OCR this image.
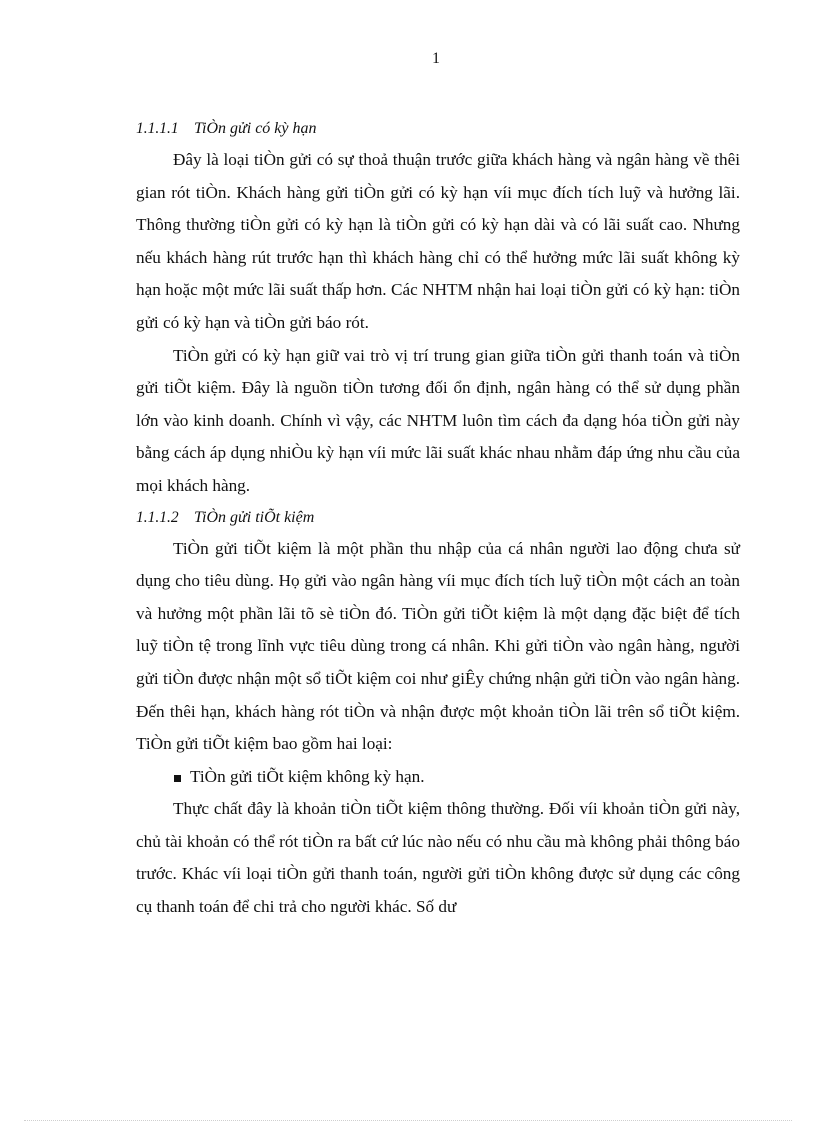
1
1.1.1.1 TiÒn gửi có kỳ hạn

Đây là loại tiÒn gửi có sự thoả thuận trước giữa khách hàng và ngân hàng về thêi gian rót tiÒn. Khách hàng gửi tiÒn gửi có kỳ hạn víi mục đích tích luỹ và hưởng lãi. Thông thường tiÒn gửi có kỳ hạn là tiÒn gửi có kỳ hạn dài và có lãi suất cao. Nhưng nếu khách hàng rút trước hạn thì khách hàng chỉ có thể hưởng mức lãi suất không kỳ hạn hoặc một mức lãi suất thấp hơn. Các NHTM nhận hai loại tiÒn gửi có kỳ hạn: tiÒn gửi có kỳ hạn và tiÒn gửi báo rót.

TiÒn gửi có kỳ hạn giữ vai trò vị trí trung gian giữa tiÒn gửi thanh toán và tiÒn gửi tiÕt kiệm. Đây là nguồn tiÒn tương đối ổn định, ngân hàng có thể sử dụng phần lớn vào kinh doanh. Chính vì vậy, các NHTM luôn tìm cách đa dạng hóa tiÒn gửi này bằng cách áp dụng nhiÒu kỳ hạn víi mức lãi suất khác nhau nhằm đáp ứng nhu cầu của mọi khách hàng.

1.1.1.2 TiÒn gửi tiÕt kiệm

TiÒn gửi tiÕt kiệm là một phần thu nhập của cá nhân người lao động chưa sử dụng cho tiêu dùng. Họ gửi vào ngân hàng víi mục đích tích luỹ tiÒn một cách an toàn và hưởng một phần lãi tõ sè tiÒn đó. TiÒn gửi tiÕt kiệm là một dạng đặc biệt để tích luỹ tiÒn tệ trong lĩnh vực tiêu dùng trong cá nhân. Khi gửi tiÒn vào ngân hàng, người gửi tiÒn được nhận một sổ tiÕt kiệm coi như giÊy chứng nhận gửi tiÒn vào ngân hàng. Đến thêi hạn, khách hàng rót tiÒn và nhận được một khoản tiÒn lãi trên sổ tiÕt kiệm. TiÒn gửi tiÕt kiệm bao gồm hai loại:

TiÒn gửi tiÕt kiệm không kỳ hạn.

Thực chất đây là khoản tiÒn tiÕt kiệm thông thường. Đối víi khoản tiÒn gửi này, chủ tài khoản có thể rót tiÒn ra bất cứ lúc nào nếu có nhu cầu mà không phải thông báo trước. Khác víi loại tiÒn gửi thanh toán, người gửi tiÒn không được sử dụng các công cụ thanh toán để chi trả cho người khác. Số dư
